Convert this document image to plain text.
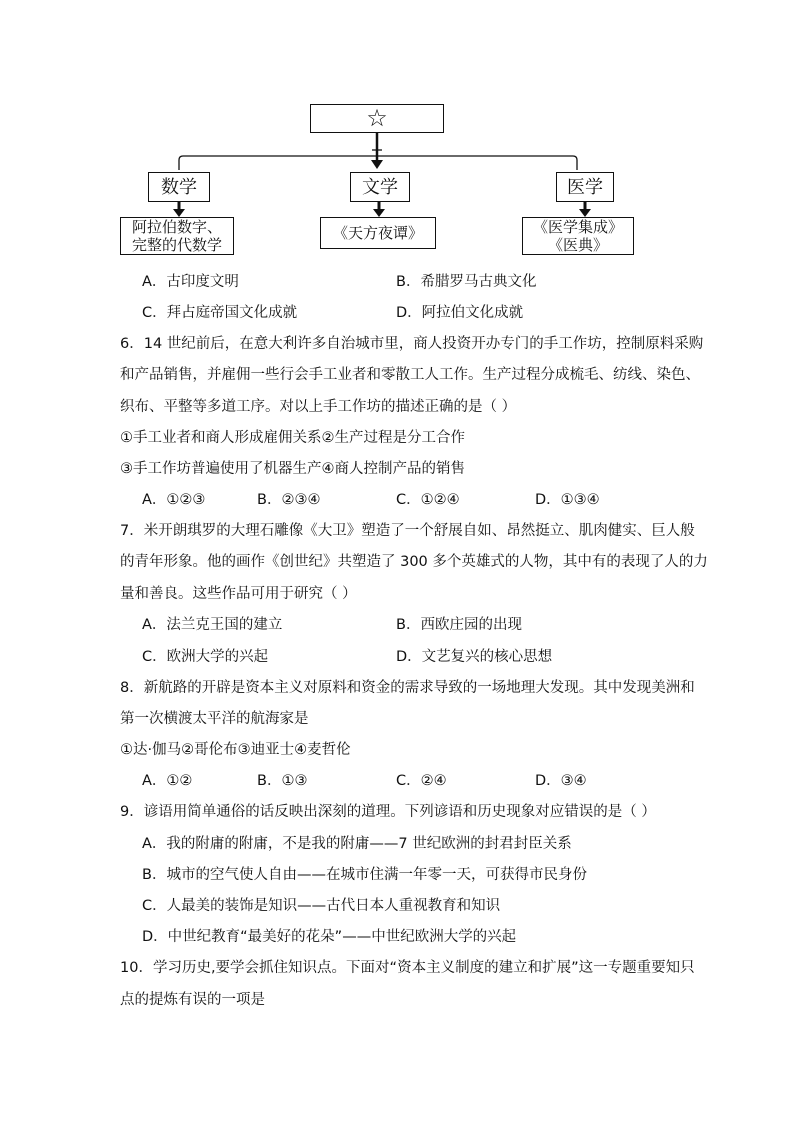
☆
数学	文学	医学
阿拉伯数字、
完整的代数学
《天方夜谭》	《医学集成》
《医典》
A．古印度文明	B．希腊罗马古典文化
C．拜占庭帝国文化成就	D．阿拉伯文化成就
6．14 世纪前后，在意大利许多自治城市里，商人投资开办专门的手工作坊，控制原料采购
和产品销售，并雇佣一些行会手工业者和零散工人工作。生产过程分成梳毛、纺线、染色、
织布、平整等多道工序。对以上手工作坊的描述正确的是（ ）
①手工业者和商人形成雇佣关系②生产过程是分工合作
③手工作坊普遍使用了机器生产④商人控制产品的销售
A．①②③	B．②③④	C．①②④	D．①③④
7．米开朗琪罗的大理石雕像《大卫》塑造了一个舒展自如、昂然挺立、肌肉健实、巨人般
的青年形象。他的画作《创世纪》共塑造了 300 多个英雄式的人物，其中有的表现了人的力
量和善良。这些作品可用于研究（ ）
A．法兰克王国的建立	B．西欧庄园的出现
C．欧洲大学的兴起	D．文艺复兴的核心思想
8．新航路的开辟是资本主义对原料和资金的需求导致的一场地理大发现。其中发现美洲和
第一次横渡太平洋的航海家是
①达·伽马②哥伦布③迪亚士④麦哲伦
A．①②	B．①③	C．②④	D．③④
9．谚语用简单通俗的话反映出深刻的道理。下列谚语和历史现象对应错误的是（ ）
A．我的附庸的附庸，不是我的附庸——7 世纪欧洲的封君封臣关系
B．城市的空气使人自由——在城市住满一年零一天，可获得市民身份
C．人最美的装饰是知识——古代日本人重视教育和知识
D．中世纪教育“最美好的花朵”——中世纪欧洲大学的兴起
10．学习历史,要学会抓住知识点。下面对“资本主义制度的建立和扩展”这一专题重要知只
点的提炼有误的一项是
